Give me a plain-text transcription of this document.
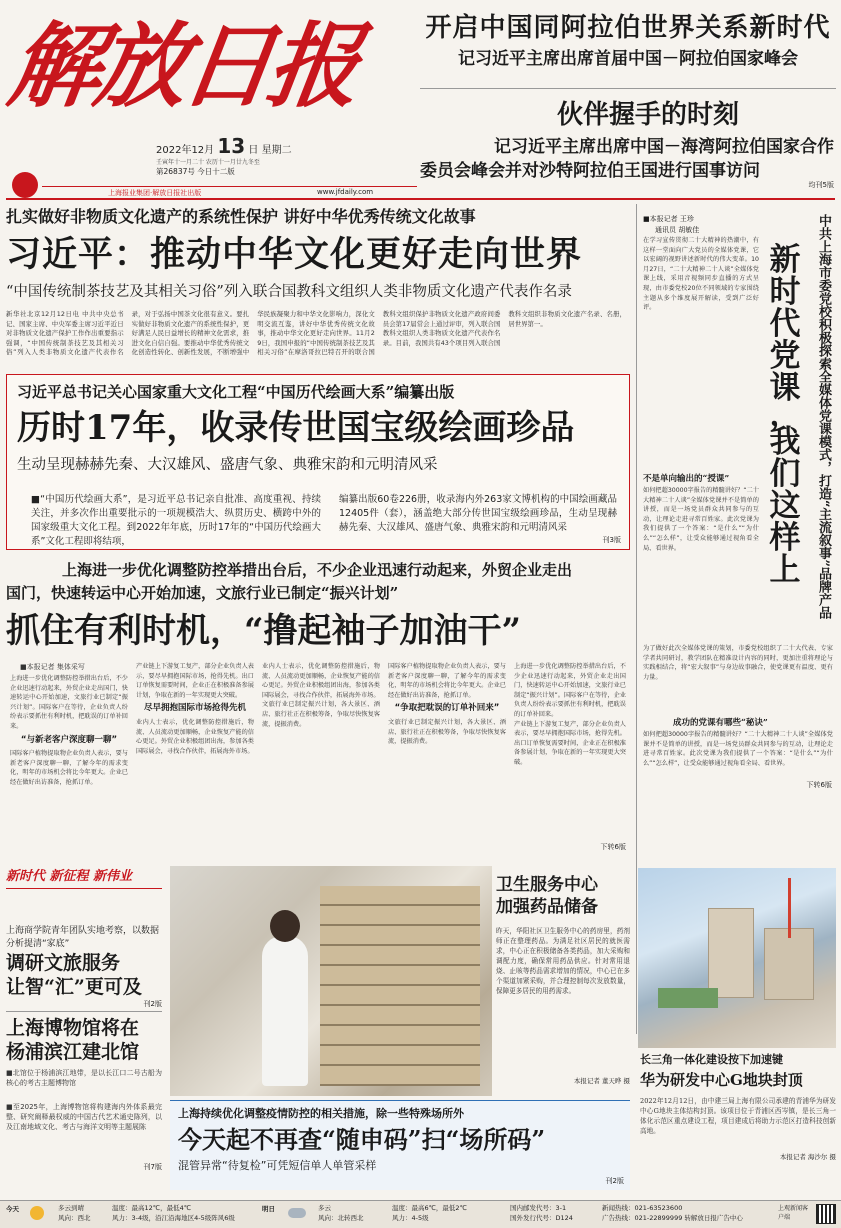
解放日报
2022年12月 13 日 星期二
壬寅年十一月二十 农历十一月廿九冬至
第26837号 今日十二版
上海报业集团·解放日报社出版	www.jfdaily.com
开启中国同阿拉伯世界关系新时代
记习近平主席出席首届中国－阿拉伯国家峰会
伙伴握手的时刻
记习近平主席出席中国－海湾阿拉伯国家合作
委员会峰会并对沙特阿拉伯王国进行国事访问
均刊5版
扎实做好非物质文化遗产的系统性保护 讲好中华优秀传统文化故事
习近平：推动中华文化更好走向世界
“中国传统制茶技艺及其相关习俗”列入联合国教科文组织人类非物质文化遗产代表作名录
新华社北京12月12日电 中共中央总书记、国家主席、中央军委主席习近平近日对非物质文化遗产保护工作作出重要指示强调，“中国传统制茶技艺及其相关习俗”列入人类非物质文化遗产代表作名录，对于弘扬中国茶文化很有意义。要扎实做好非物质文化遗产的系统性保护，更好满足人民日益增长的精神文化需求，推进文化自信自强。要推动中华优秀传统文化创造性转化、创新性发展，不断增强中华民族凝聚力和中华文化影响力，深化文明交流互鉴，讲好中华优秀传统文化故事，推动中华文化更好走向世界。11月29日，我国申报的“中国传统制茶技艺及其相关习俗”在摩洛哥拉巴特召开的联合国教科文组织保护非物质文化遗产政府间委员会第17届常会上通过评审，列入联合国教科文组织人类非物质文化遗产代表作名录。目前，我国共有43个项目列入联合国教科文组织非物质文化遗产名录、名册，居世界第一。
习近平总书记关心国家重大文化工程“中国历代绘画大系”编纂出版
历时17年，收录传世国宝级绘画珍品
生动呈现赫赫先秦、大汉雄风、盛唐气象、典雅宋韵和元明清风采
■“中国历代绘画大系”，是习近平总书记亲自批准、高度重视、持续关注，并多次作出重要批示的一项规模浩大、纵贯历史、横跨中外的国家级重大文化工程。到2022年年底，历时17年的“中国历代绘画大系”文化工程即将结项，
编纂出版60卷226册，收录海内外263家文博机构的中国绘画藏品12405件（套），涵盖绝大部分传世国宝级绘画珍品，生动呈现赫赫先秦、大汉雄风、盛唐气象、典雅宋韵和元明清风采
刊3版
上海进一步优化调整防控举措出台后，不少企业迅速行动起来，外贸企业走出
国门，快速转运中心开始加速，文旅行业已制定“振兴计划”
抓住有利时机，“撸起袖子加油干”
■本报记者 集体采写
上海进一步优化调整防控举措出台后，不少企业迅速行动起来，外贸企业走出国门，快速转运中心开始加速，文旅行业已制定“振兴计划”。国际客户在等待，企业负责人纷纷表示要抓住有利时机，把耽误的订单补回来。
“与新老客户深度聊一聊”
国际客户植物提取物企业负责人表示，要与新老客户深度聊一聊，了解今年的需求变化，明年的市场机会将比今年更大。企业已经在做好出访准备，抢抓订单。
产业链上下游复工复产，部分企业负责人表示，要尽早拥抱国际市场，抢得先机。出口订单恢复需要时间，企业正在积极准备参展计划，争取在新的一年实现更大突破。
尽早拥抱国际市场抢得先机
业内人士表示，优化调整防控措施后，物流、人员流动更加顺畅，企业恢复产能的信心更足。外贸企业积极组团出海，参加各类国际展会，寻找合作伙伴，拓展海外市场。
业内人士表示，优化调整防控措施后，物流、人员流动更加顺畅，企业恢复产能的信心更足。外贸企业积极组团出海，参加各类国际展会，寻找合作伙伴，拓展海外市场。
文旅行业已制定振兴计划，各大景区、酒店、旅行社正在积极筹备，争取尽快恢复客流，提振消费。
国际客户植物提取物企业负责人表示，要与新老客户深度聊一聊，了解今年的需求变化，明年的市场机会将比今年更大。企业已经在做好出访准备，抢抓订单。
“争取把耽误的订单补回来”
文旅行业已制定振兴计划，各大景区、酒店、旅行社正在积极筹备，争取尽快恢复客流，提振消费。
上海进一步优化调整防控举措出台后，不少企业迅速行动起来，外贸企业走出国门，快速转运中心开始加速，文旅行业已制定“振兴计划”。国际客户在等待，企业负责人纷纷表示要抓住有利时机，把耽误的订单补回来。
产业链上下游复工复产，部分企业负责人表示，要尽早拥抱国际市场，抢得先机。出口订单恢复需要时间，企业正在积极准备参展计划，争取在新的一年实现更大突破。
下转6版
■本报记者 王珍
通讯员 胡敏佳
在学习宣传贯彻二十大精神的热潮中，有这样一堂面向广大党员的全媒体党课，它以宏阔的视野讲述新时代的伟大变革。10月27日，“二十大精神二十人谈”全媒体党课上线，采用音视频同步直播的方式呈现，由市委党校20位不同领域的专家围绕主题从多个维度展开解读，受到广泛好评。
新
时
代
党
课
，
我
们
这
样
上 中共上海市委党校积极探索全媒体党课模式，打造“主流叙事”品牌产品
不是单向输出的“授课”
如何把超30000字报告的精髓讲好？“二十大精神二十人谈”全媒体党课并不是简单的讲授，而是一场党员群众共同参与的互动，让理论走进寻常百姓家。此次党课为我们提供了一个答案：“是什么”“为什么”“怎么样”，让受众能够通过视角看全局、看世界。
为了做好此次全媒体党课的策划，市委党校组织了二十大代表、专家学者共同研讨，教学团队在精准设计内容的同时，更加注重将理论与实践相结合，将“宏大叙事”与身边故事融合，使党课更有温度、更有力量。
成功的党课有哪些“秘诀”
如何把超30000字报告的精髓讲好？“二十大精神二十人谈”全媒体党课并不是简单的讲授，而是一场党员群众共同参与的互动，让理论走进寻常百姓家。此次党课为我们提供了一个答案：“是什么”“为什么”“怎么样”，让受众能够通过视角看全局、看世界。
下转6版
新时代 新征程 新伟业
上海商学院青年团队实地考察，以数据分析提清“家底”
调研文旅服务
让智“汇”更可及
刊2版
上海博物馆将在
杨浦滨江建北馆
■北馆位于杨浦滨江地带，是以长江口二号古船为核心的考古主题博物馆
■至2025年，上海博物馆将构建海内外体系最完整、研究阐释最权威的中国古代艺术通史陈列，以及江南地域文化、考古与海洋文明等主题展陈
刊7版
卫生服务中心
加强药品储备
昨天，华阳社区卫生服务中心的药房里，药剂师正在整理药品。为满足社区居民的就医需求，中心正在积极储备各类药品，加大采购和调配力度，确保常用药品供应。针对常用退烧、止咳等药品需求增加的情况，中心已在多个渠道加紧采购，并合理控制每次发放数量，保障更多居民的用药需求。
本报记者 董天晔 摄
上海持续优化调整疫情防控的相关措施，除一些特殊场所外
今天起不再查“随申码”扫“场所码”
混管异常“待复检”可凭短信单人单管采样
刊2版
长三角一体化建设按下加速键
华为研发中心G地块封顶
2022年12月12日，由中建三局上海有限公司承建的青浦华为研发中心G地块主体结构封顶。该项目位于青浦区西岑镇，是长三角一体化示范区重点建设工程，项目建成后将助力示范区打造科技创新高地。
本报记者 海沙尔 摄
今天	多云到晴
风向：西北
温度：最高12℃，最低4℃
风力：3-4级，沿江沿海地区4-5级阵风6级
明日	多云
风向：北转西北
温度：最高6℃，最低2℃
风力：4-5级
国内邮发代号：3-1
国外发行代号：D124
新闻热线：021-63523600
广告热线：021-22899999 转解放日报广告中心
上观新闻客户端
